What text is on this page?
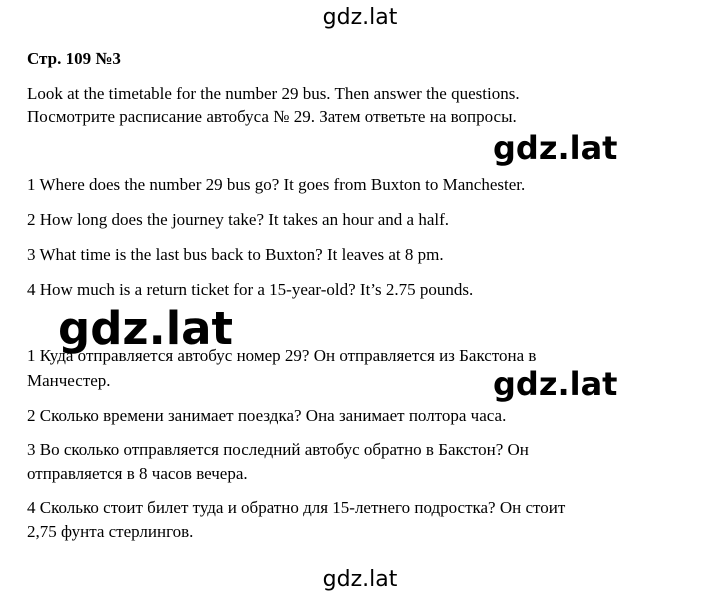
gdz.lat
Стр. 109 №3
Look at the timetable for the number 29 bus. Then answer the questions.
Посмотрите расписание автобуса № 29. Затем ответьте на вопросы.
1 Where does the number 29 bus go? It goes from Buxton to Manchester.
2 How long does the journey take? It takes an hour and a half.
3 What time is the last bus back to Buxton? It leaves at 8 pm.
4 How much is a return ticket for a 15-year-old? It’s 2.75 pounds.
1 Куда отправляется автобус номер 29? Он отправляется из Бакстона в
Манчестер.
2 Сколько времени занимает поездка? Она занимает полтора часа.
3 Во сколько отправляется последний автобус обратно в Бакстон? Он
отправляется в 8 часов вечера.
4 Сколько стоит билет туда и обратно для 15-летнего подростка? Он стоит
2,75 фунта стерлингов.
gdz.lat
gdz.lat
gdz.lat
gdz.lat
